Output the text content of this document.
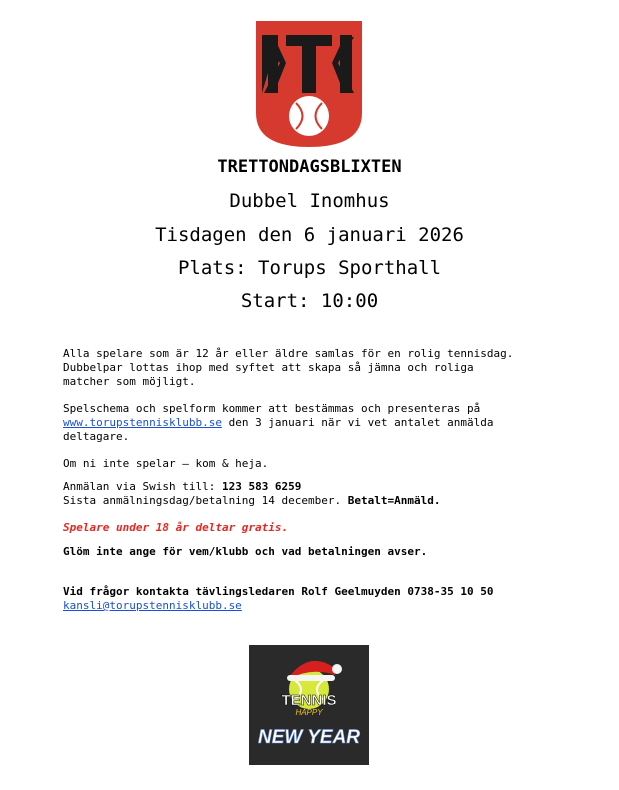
TRETTONDAGSBLIXTEN
Dubbel Inomhus
Tisdagen den 6 januari 2026
Plats: Torups Sporthall
Start: 10:00
Alla spelare som är 12 år eller äldre samlas för en rolig tennisdag.
Dubbelpar lottas ihop med syftet att skapa så jämna och roliga
matcher som möjligt.
Spelschema och spelform kommer att bestämmas och presenteras på
www.torupstennisklubb.se den 3 januari när vi vet antalet anmälda
deltagare.
Om ni inte spelar – kom & heja.
Anmälan via Swish till: 123 583 6259
Sista anmälningsdag/betalning 14 december. Betalt=Anmäld.
Spelare under 18 år deltar gratis.
Glöm inte ange för vem/klubb och vad betalningen avser.
Vid frågor kontakta tävlingsledaren Rolf Geelmuyden 0738-35 10 50
kansli@torupstennisklubb.se
TENNIS
HAPPY
NEW YEAR
